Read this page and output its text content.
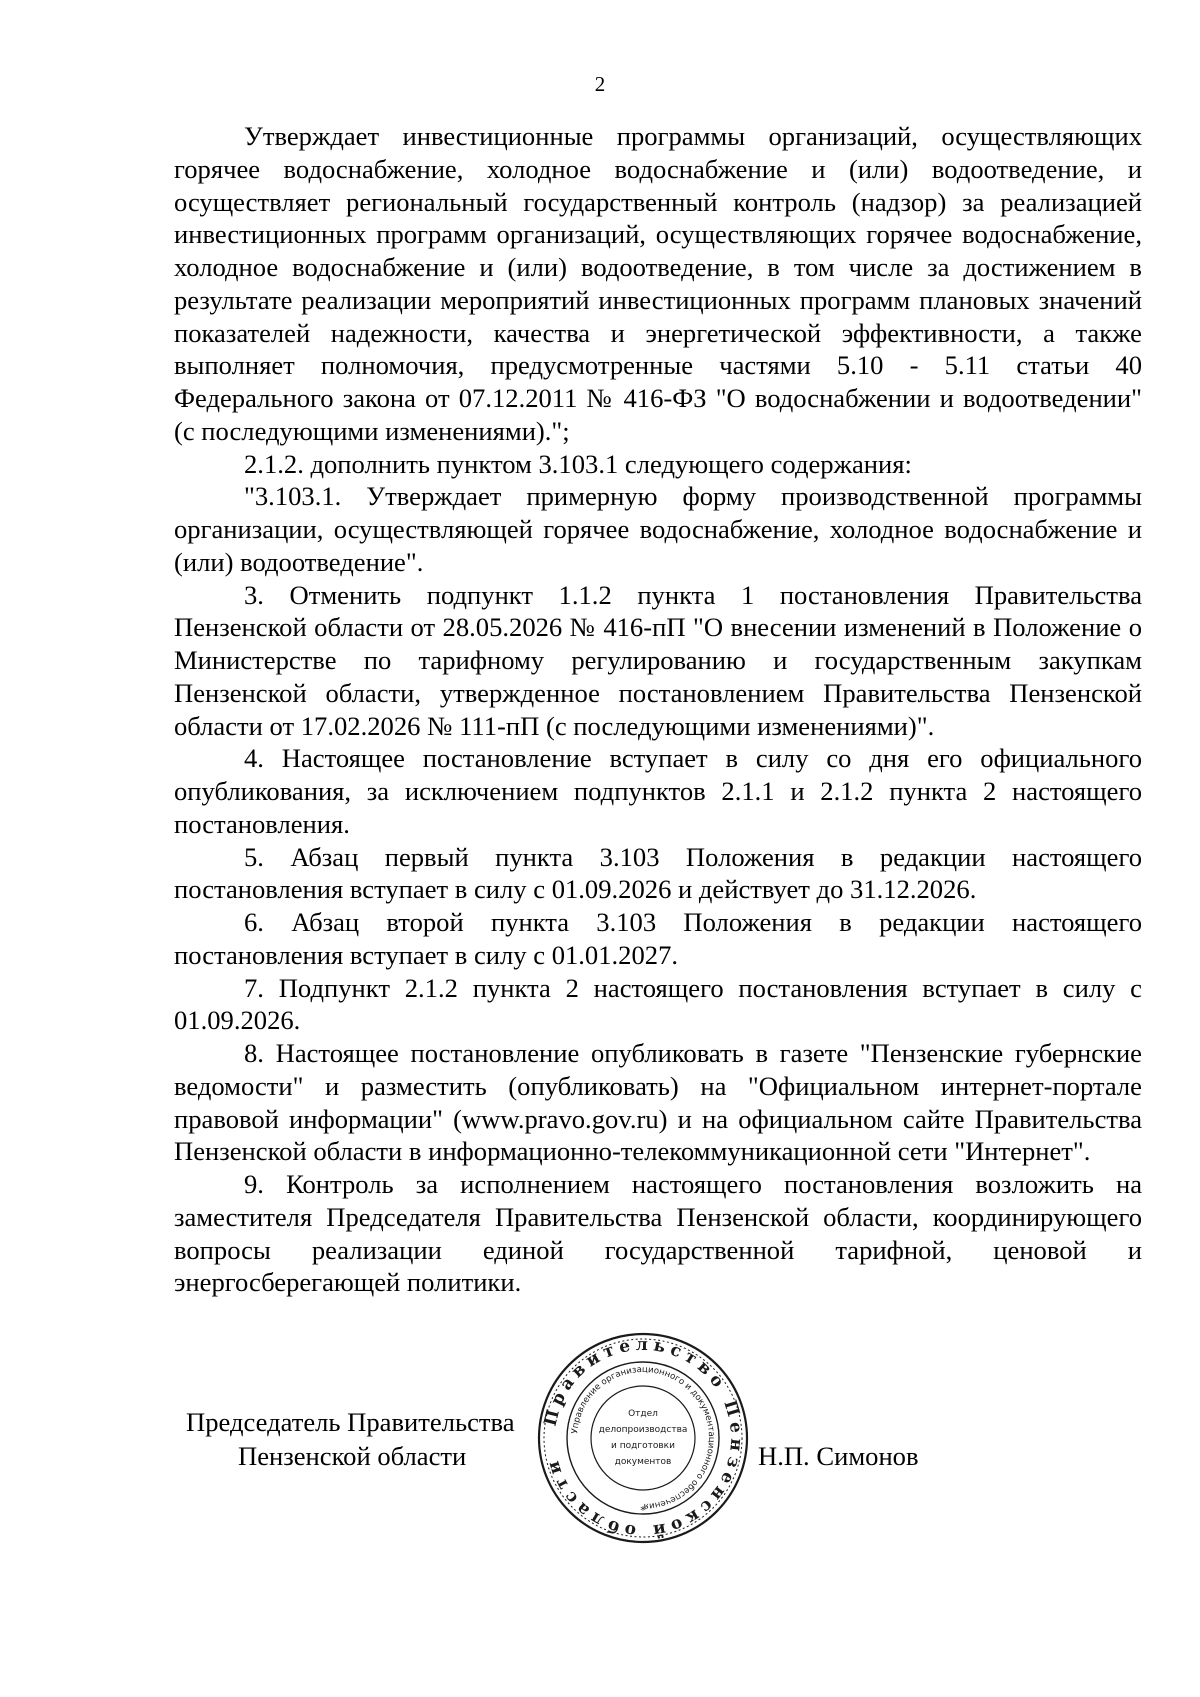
2

Утверждает инвестиционные программы организаций, осуществляющих горячее водоснабжение, холодное водоснабжение и (или) водоотведение, и осуществляет региональный государственный контроль (надзор) за реализацией инвестиционных программ организаций, осуществляющих горячее водоснабжение, холодное водоснабжение и (или) водоотведение, в том числе за достижением в результате реализации мероприятий инвестиционных программ плановых значений показателей надежности, качества и энергетической эффективности, а также выполняет полномочия, предусмотренные частями 5.10 - 5.11 статьи 40 Федерального закона от 07.12.2011 № 416-ФЗ "О водоснабжении и водоотведении" (с последующими изменениями).";

2.1.2. дополнить пунктом 3.103.1 следующего содержания:

"3.103.1. Утверждает примерную форму производственной программы организации, осуществляющей горячее водоснабжение, холодное водоснабжение и (или) водоотведение".

3. Отменить подпункт 1.1.2 пункта 1 постановления Правительства Пензенской области от 28.05.2026 № 416-пП "О внесении изменений в Положение о Министерстве по тарифному регулированию и государственным закупкам Пензенской области, утвержденное постановлением Правительства Пензенской области от 17.02.2026 № 111-пП (с последующими изменениями)".

4. Настоящее постановление вступает в силу со дня его официального опубликования, за исключением подпунктов 2.1.1 и 2.1.2 пункта 2 настоящего постановления.

5. Абзац первый пункта 3.103 Положения в редакции настоящего постановления вступает в силу с 01.09.2026 и действует до 31.12.2026.

6. Абзац второй пункта 3.103 Положения в редакции настоящего постановления вступает в силу с 01.01.2027.

7. Подпункт 2.1.2 пункта 2 настоящего постановления вступает в силу с 01.09.2026.

8. Настоящее постановление опубликовать в газете "Пензенские губернские ведомости" и разместить (опубликовать) на "Официальном интернет-портале правовой информации" (www.pravo.gov.ru) и на официальном сайте Правительства Пензенской области в информационно-телекоммуникационной сети "Интернет".

9. Контроль за исполнением настоящего постановления возложить на заместителя Председателя Правительства Пензенской области, координирующего вопросы реализации единой государственной тарифной, ценовой и энергосберегающей политики.

Правительство Пензенской области
Управление организационного и документационного обеспечения
Отдел
делопроизводства
и подготовки
документов
*
Председатель Правительства
Пензенской области	Н.П. Симонов
